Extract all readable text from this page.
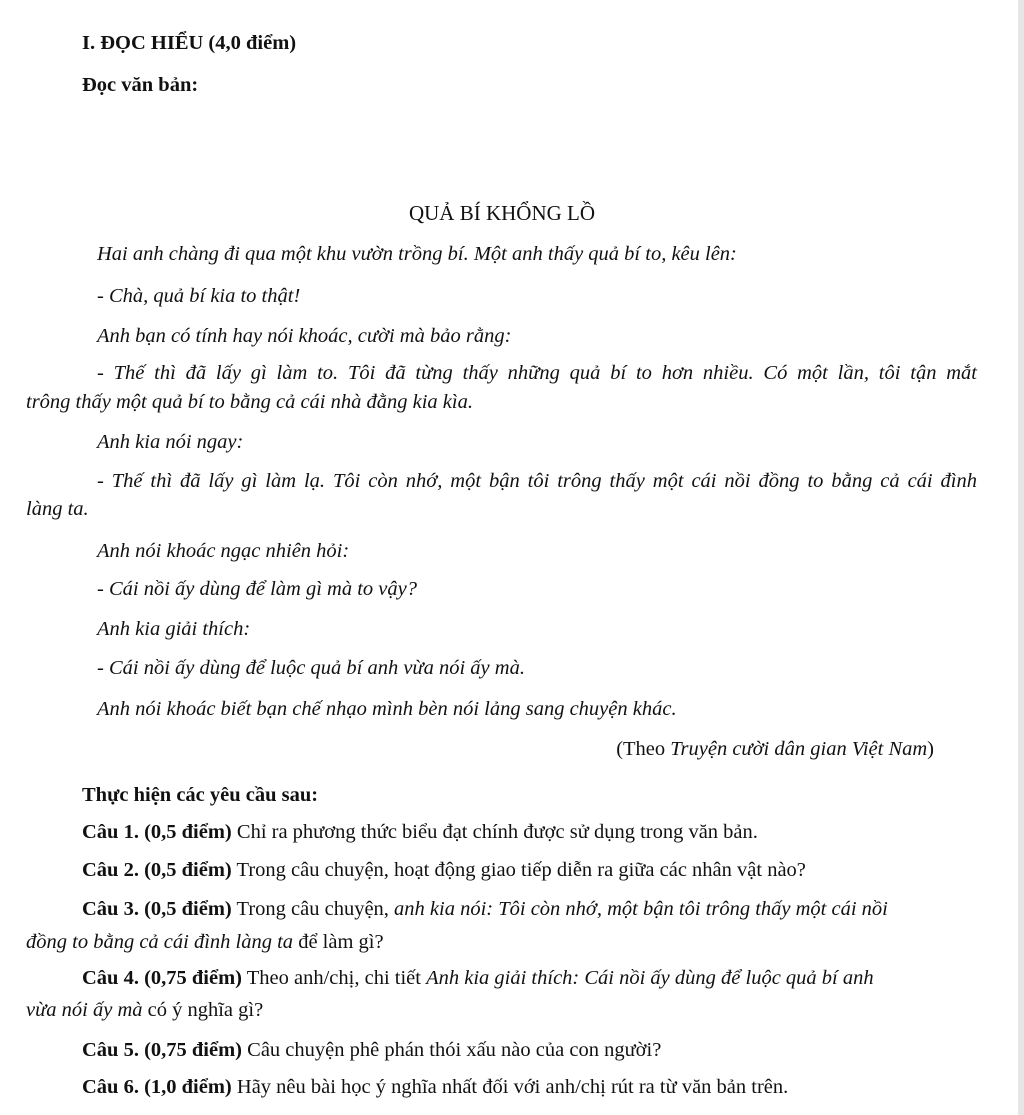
I. ĐỌC HIỂU (4,0 điểm)
Đọc văn bản:
QUẢ BÍ KHỔNG LỒ
Hai anh chàng đi qua một khu vườn trồng bí. Một anh thấy quả bí to, kêu lên:
- Chà, quả bí kia to thật!
Anh bạn có tính hay nói khoác, cười mà bảo rằng:
- Thế thì đã lấy gì làm to. Tôi đã từng thấy những quả bí to hơn nhiều. Có một lần, tôi tận mắt
trông thấy một quả bí to bằng cả cái nhà đằng kia kìa.
Anh kia nói ngay:
- Thế thì đã lấy gì làm lạ. Tôi còn nhớ, một bận tôi trông thấy một cái nồi đồng to bằng cả cái đình
làng ta.
Anh nói khoác ngạc nhiên hỏi:
- Cái nồi ấy dùng để làm gì mà to vậy?
Anh kia giải thích:
- Cái nồi ấy dùng để luộc quả bí anh vừa nói ấy mà.
Anh nói khoác biết bạn chế nhạo mình bèn nói lảng sang chuyện khác.
(Theo Truyện cười dân gian Việt Nam)
Thực hiện các yêu cầu sau:
Câu 1. (0,5 điểm) Chỉ ra phương thức biểu đạt chính được sử dụng trong văn bản.
Câu 2. (0,5 điểm) Trong câu chuyện, hoạt động giao tiếp diễn ra giữa các nhân vật nào?
Câu 3. (0,5 điểm) Trong câu chuyện, anh kia nói: Tôi còn nhớ, một bận tôi trông thấy một cái nồi
đồng to bằng cả cái đình làng ta để làm gì?
Câu 4. (0,75 điểm) Theo anh/chị, chi tiết Anh kia giải thích: Cái nồi ấy dùng để luộc quả bí anh
vừa nói ấy mà có ý nghĩa gì?
Câu 5. (0,75 điểm) Câu chuyện phê phán thói xấu nào của con người?
Câu 6. (1,0 điểm) Hãy nêu bài học ý nghĩa nhất đối với anh/chị rút ra từ văn bản trên.
